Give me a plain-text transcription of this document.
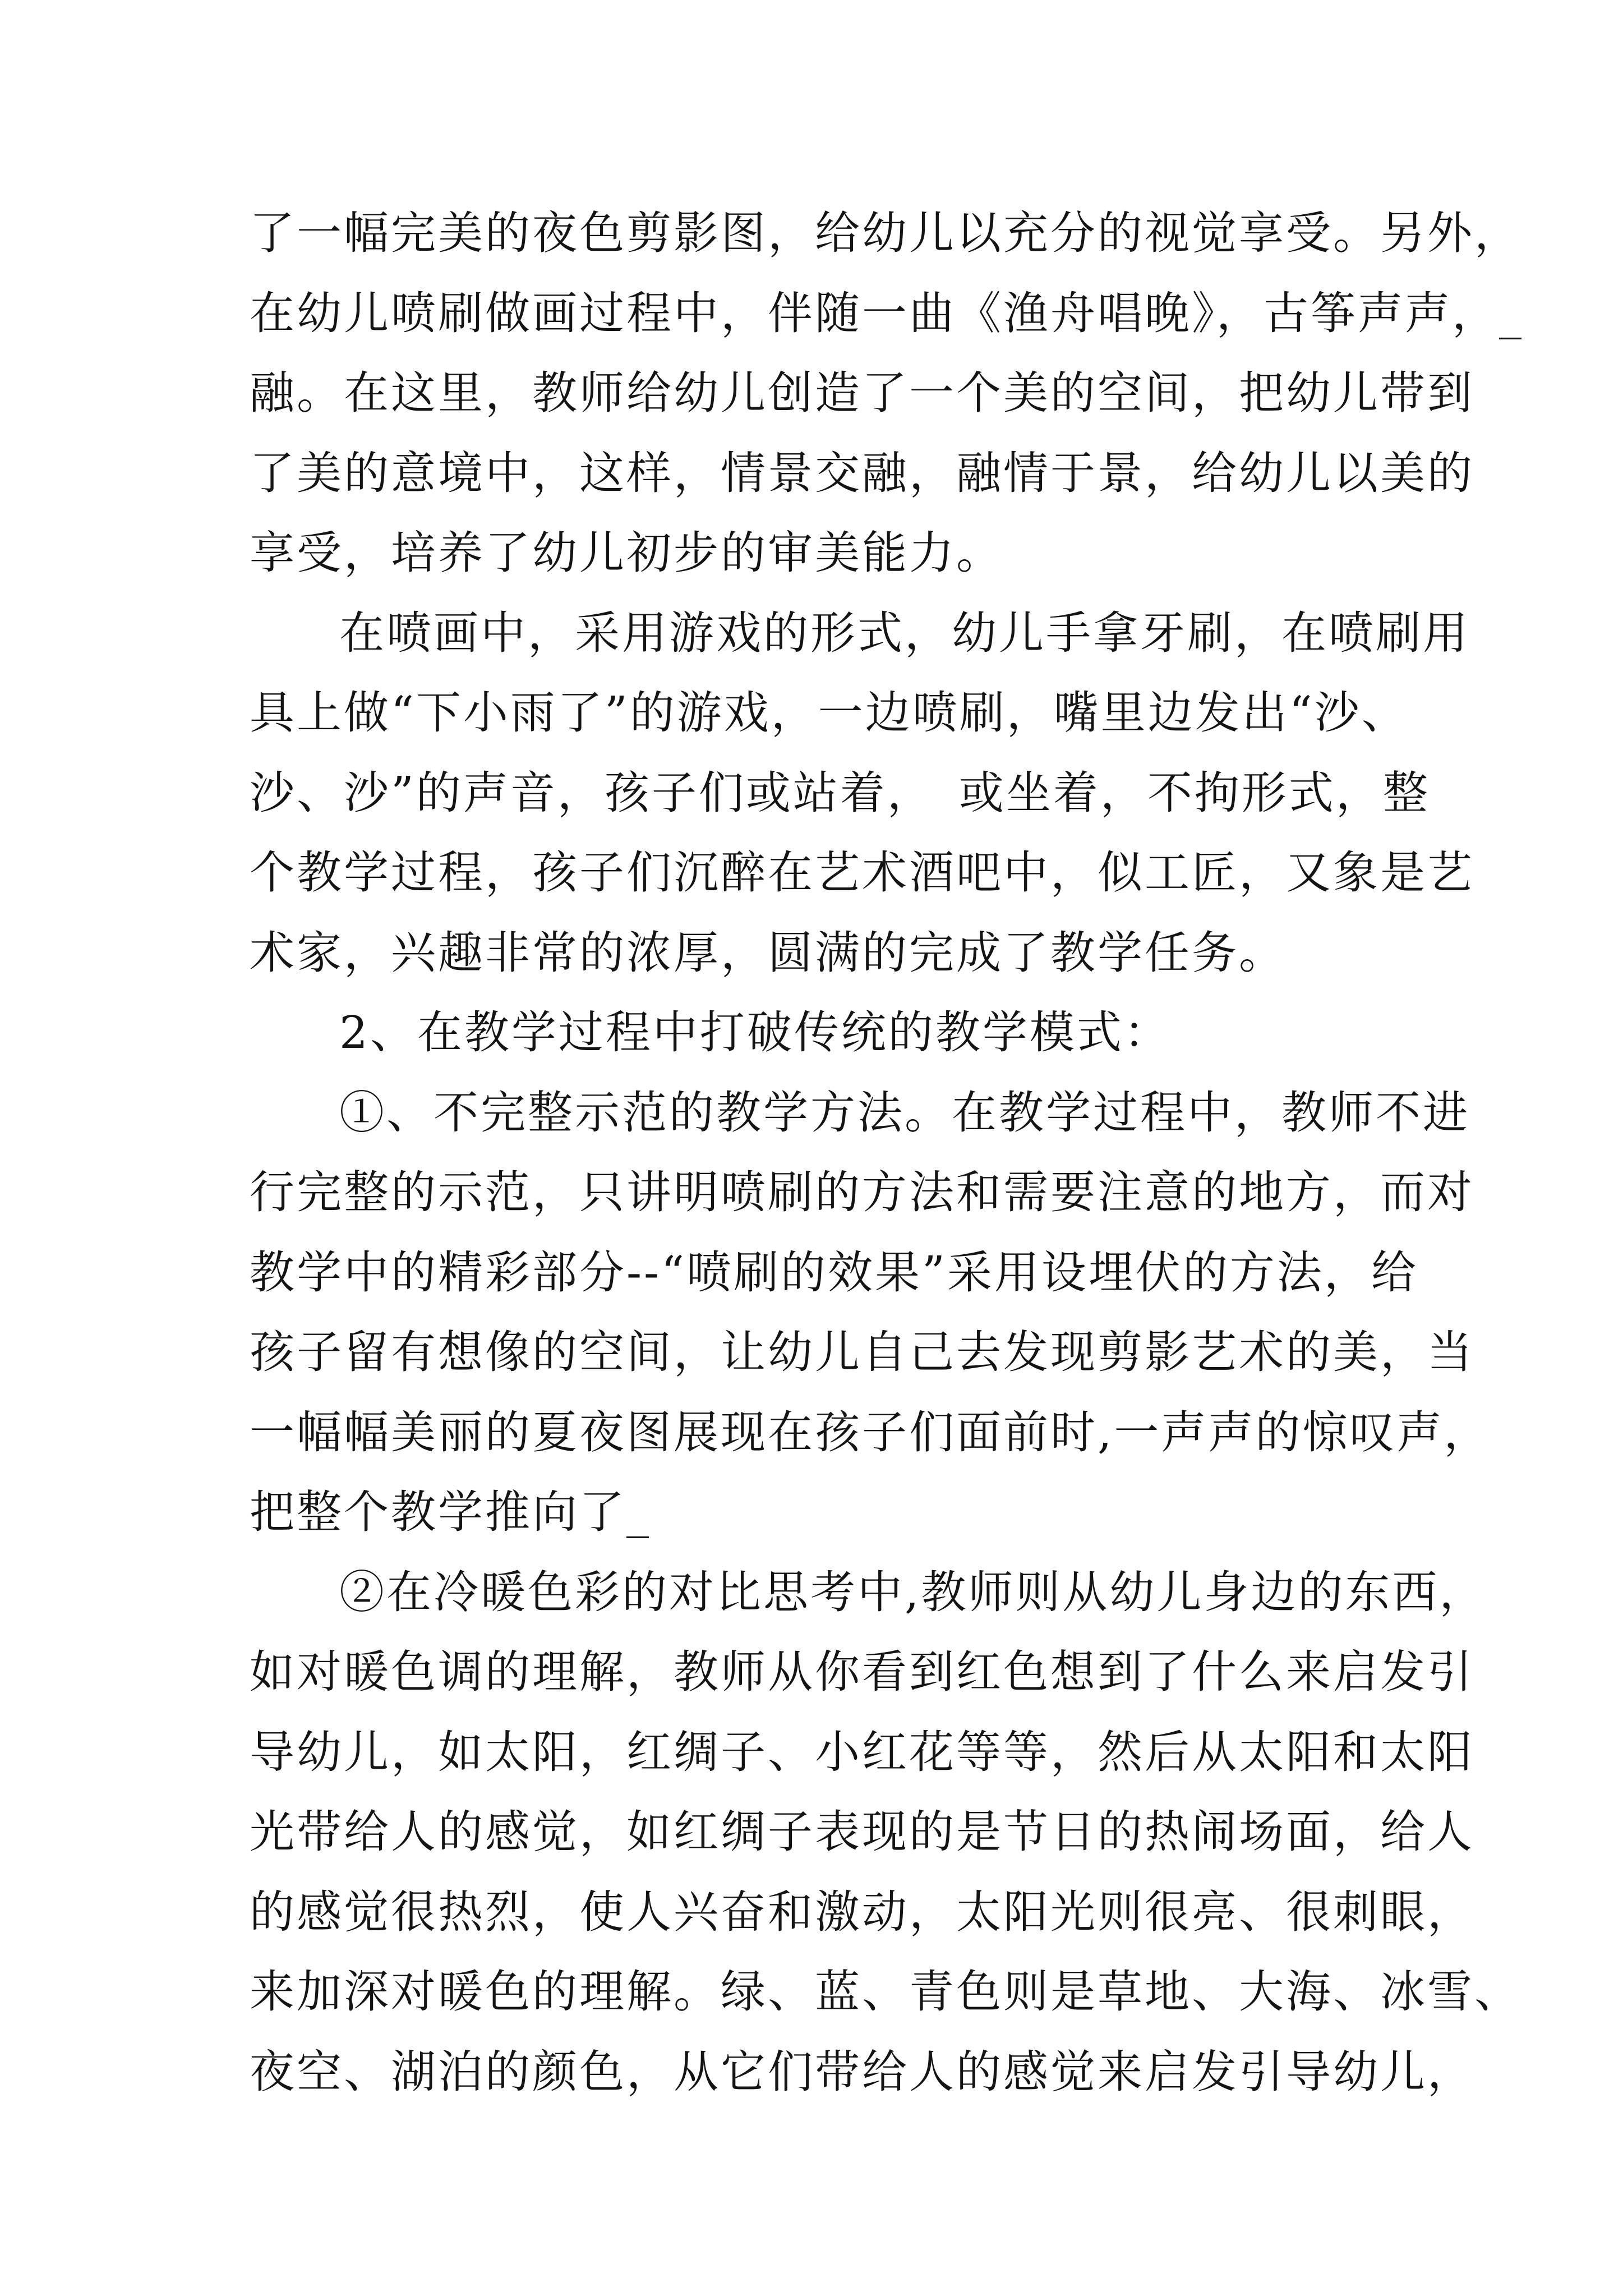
了一幅完美的夜色剪影图，给幼儿以充分的视觉享受。另外，
在幼儿喷刷做画过程中，伴随一曲《渔舟唱晚》，古筝声声，_
融。在这里，教师给幼儿创造了一个美的空间，把幼儿带到
了美的意境中，这样，情景交融，融情于景，给幼儿以美的
享受，培养了幼儿初步的审美能力。
在喷画中，采用游戏的形式，幼儿手拿牙刷，在喷刷用
具上做“下小雨了”的游戏，一边喷刷，嘴里边发出“沙、
沙、沙”的声音，孩子们或站着，　或坐着，不拘形式，整
个教学过程，孩子们沉醉在艺术酒吧中，似工匠，又象是艺
术家，兴趣非常的浓厚，圆满的完成了教学任务。
2、在教学过程中打破传统的教学模式：
①、不完整示范的教学方法。在教学过程中，教师不进
行完整的示范，只讲明喷刷的方法和需要注意的地方，而对
教学中的精彩部分--“喷刷的效果”采用设埋伏的方法，给
孩子留有想像的空间，让幼儿自己去发现剪影艺术的美，当
一幅幅美丽的夏夜图展现在孩子们面前时,一声声的惊叹声，
把整个教学推向了_
②在冷暖色彩的对比思考中,教师则从幼儿身边的东西，
如对暖色调的理解，教师从你看到红色想到了什么来启发引
导幼儿，如太阳，红绸子、小红花等等，然后从太阳和太阳
光带给人的感觉，如红绸子表现的是节日的热闹场面，给人
的感觉很热烈，使人兴奋和激动，太阳光则很亮、很刺眼，
来加深对暖色的理解。绿、蓝、青色则是草地、大海、冰雪、
夜空、湖泊的颜色，从它们带给人的感觉来启发引导幼儿，
